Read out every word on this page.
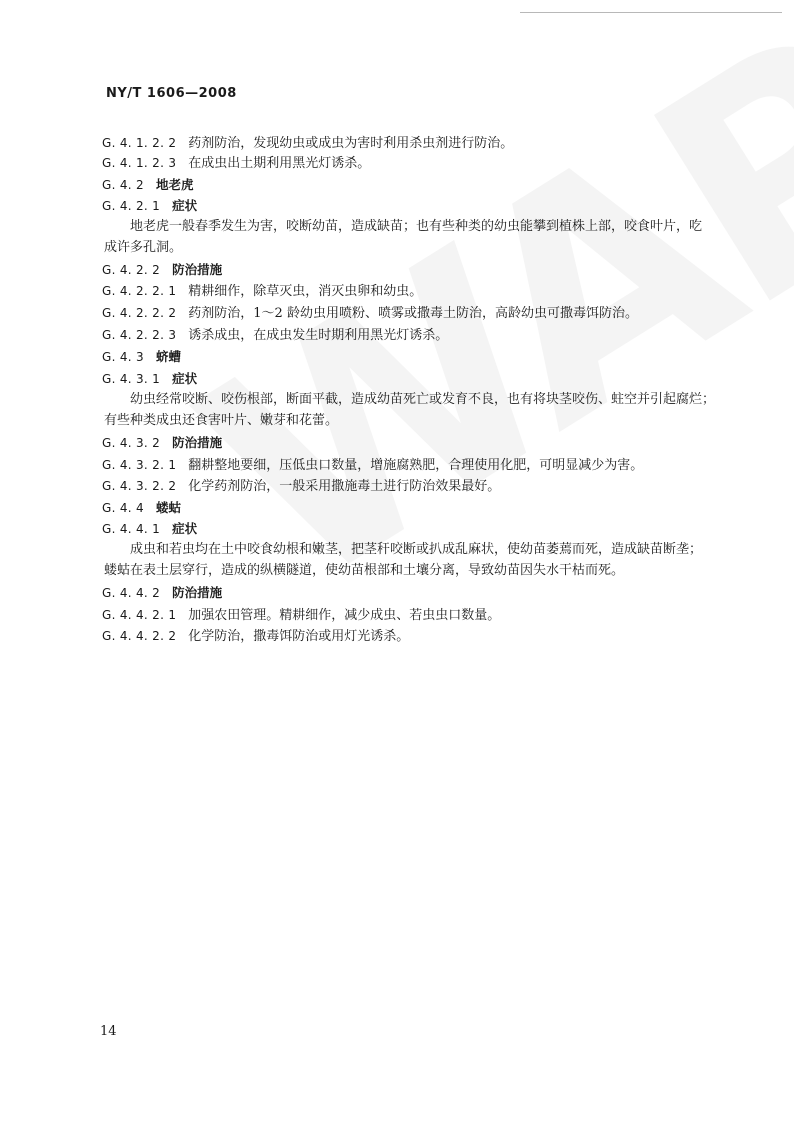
NY/T 1606—2008
G. 4. 1. 2. 2 药剂防治，发现幼虫或成虫为害时利用杀虫剂进行防治。
G. 4. 1. 2. 3 在成虫出土期利用黑光灯诱杀。
G. 4. 2 地老虎
G. 4. 2. 1 症状
地老虎一般春季发生为害，咬断幼苗，造成缺苗；也有些种类的幼虫能攀到植株上部，咬食叶片，吃
成许多孔洞。
G. 4. 2. 2 防治措施
G. 4. 2. 2. 1 精耕细作，除草灭虫，消灭虫卵和幼虫。
G. 4. 2. 2. 2 药剂防治，1～2 龄幼虫用喷粉、喷雾或撒毒土防治，高龄幼虫可撒毒饵防治。
G. 4. 2. 2. 3 诱杀成虫，在成虫发生时期利用黑光灯诱杀。
G. 4. 3 蛴螬
G. 4. 3. 1 症状
幼虫经常咬断、咬伤根部，断面平截，造成幼苗死亡或发育不良，也有将块茎咬伤、蛀空并引起腐烂；
有些种类成虫还食害叶片、嫩芽和花蕾。
G. 4. 3. 2 防治措施
G. 4. 3. 2. 1 翻耕整地要细，压低虫口数量，增施腐熟肥，合理使用化肥，可明显减少为害。
G. 4. 3. 2. 2 化学药剂防治，一般采用撒施毒土进行防治效果最好。
G. 4. 4 蝼蛄
G. 4. 4. 1 症状
成虫和若虫均在土中咬食幼根和嫩茎，把茎秆咬断或扒成乱麻状，使幼苗萎蔫而死，造成缺苗断垄；
蝼蛄在表土层穿行，造成的纵横隧道，使幼苗根部和土壤分离，导致幼苗因失水干枯而死。
G. 4. 4. 2 防治措施
G. 4. 4. 2. 1 加强农田管理。精耕细作，减少成虫、若虫虫口数量。
G. 4. 4. 2. 2 化学防治，撒毒饵防治或用灯光诱杀。
14
